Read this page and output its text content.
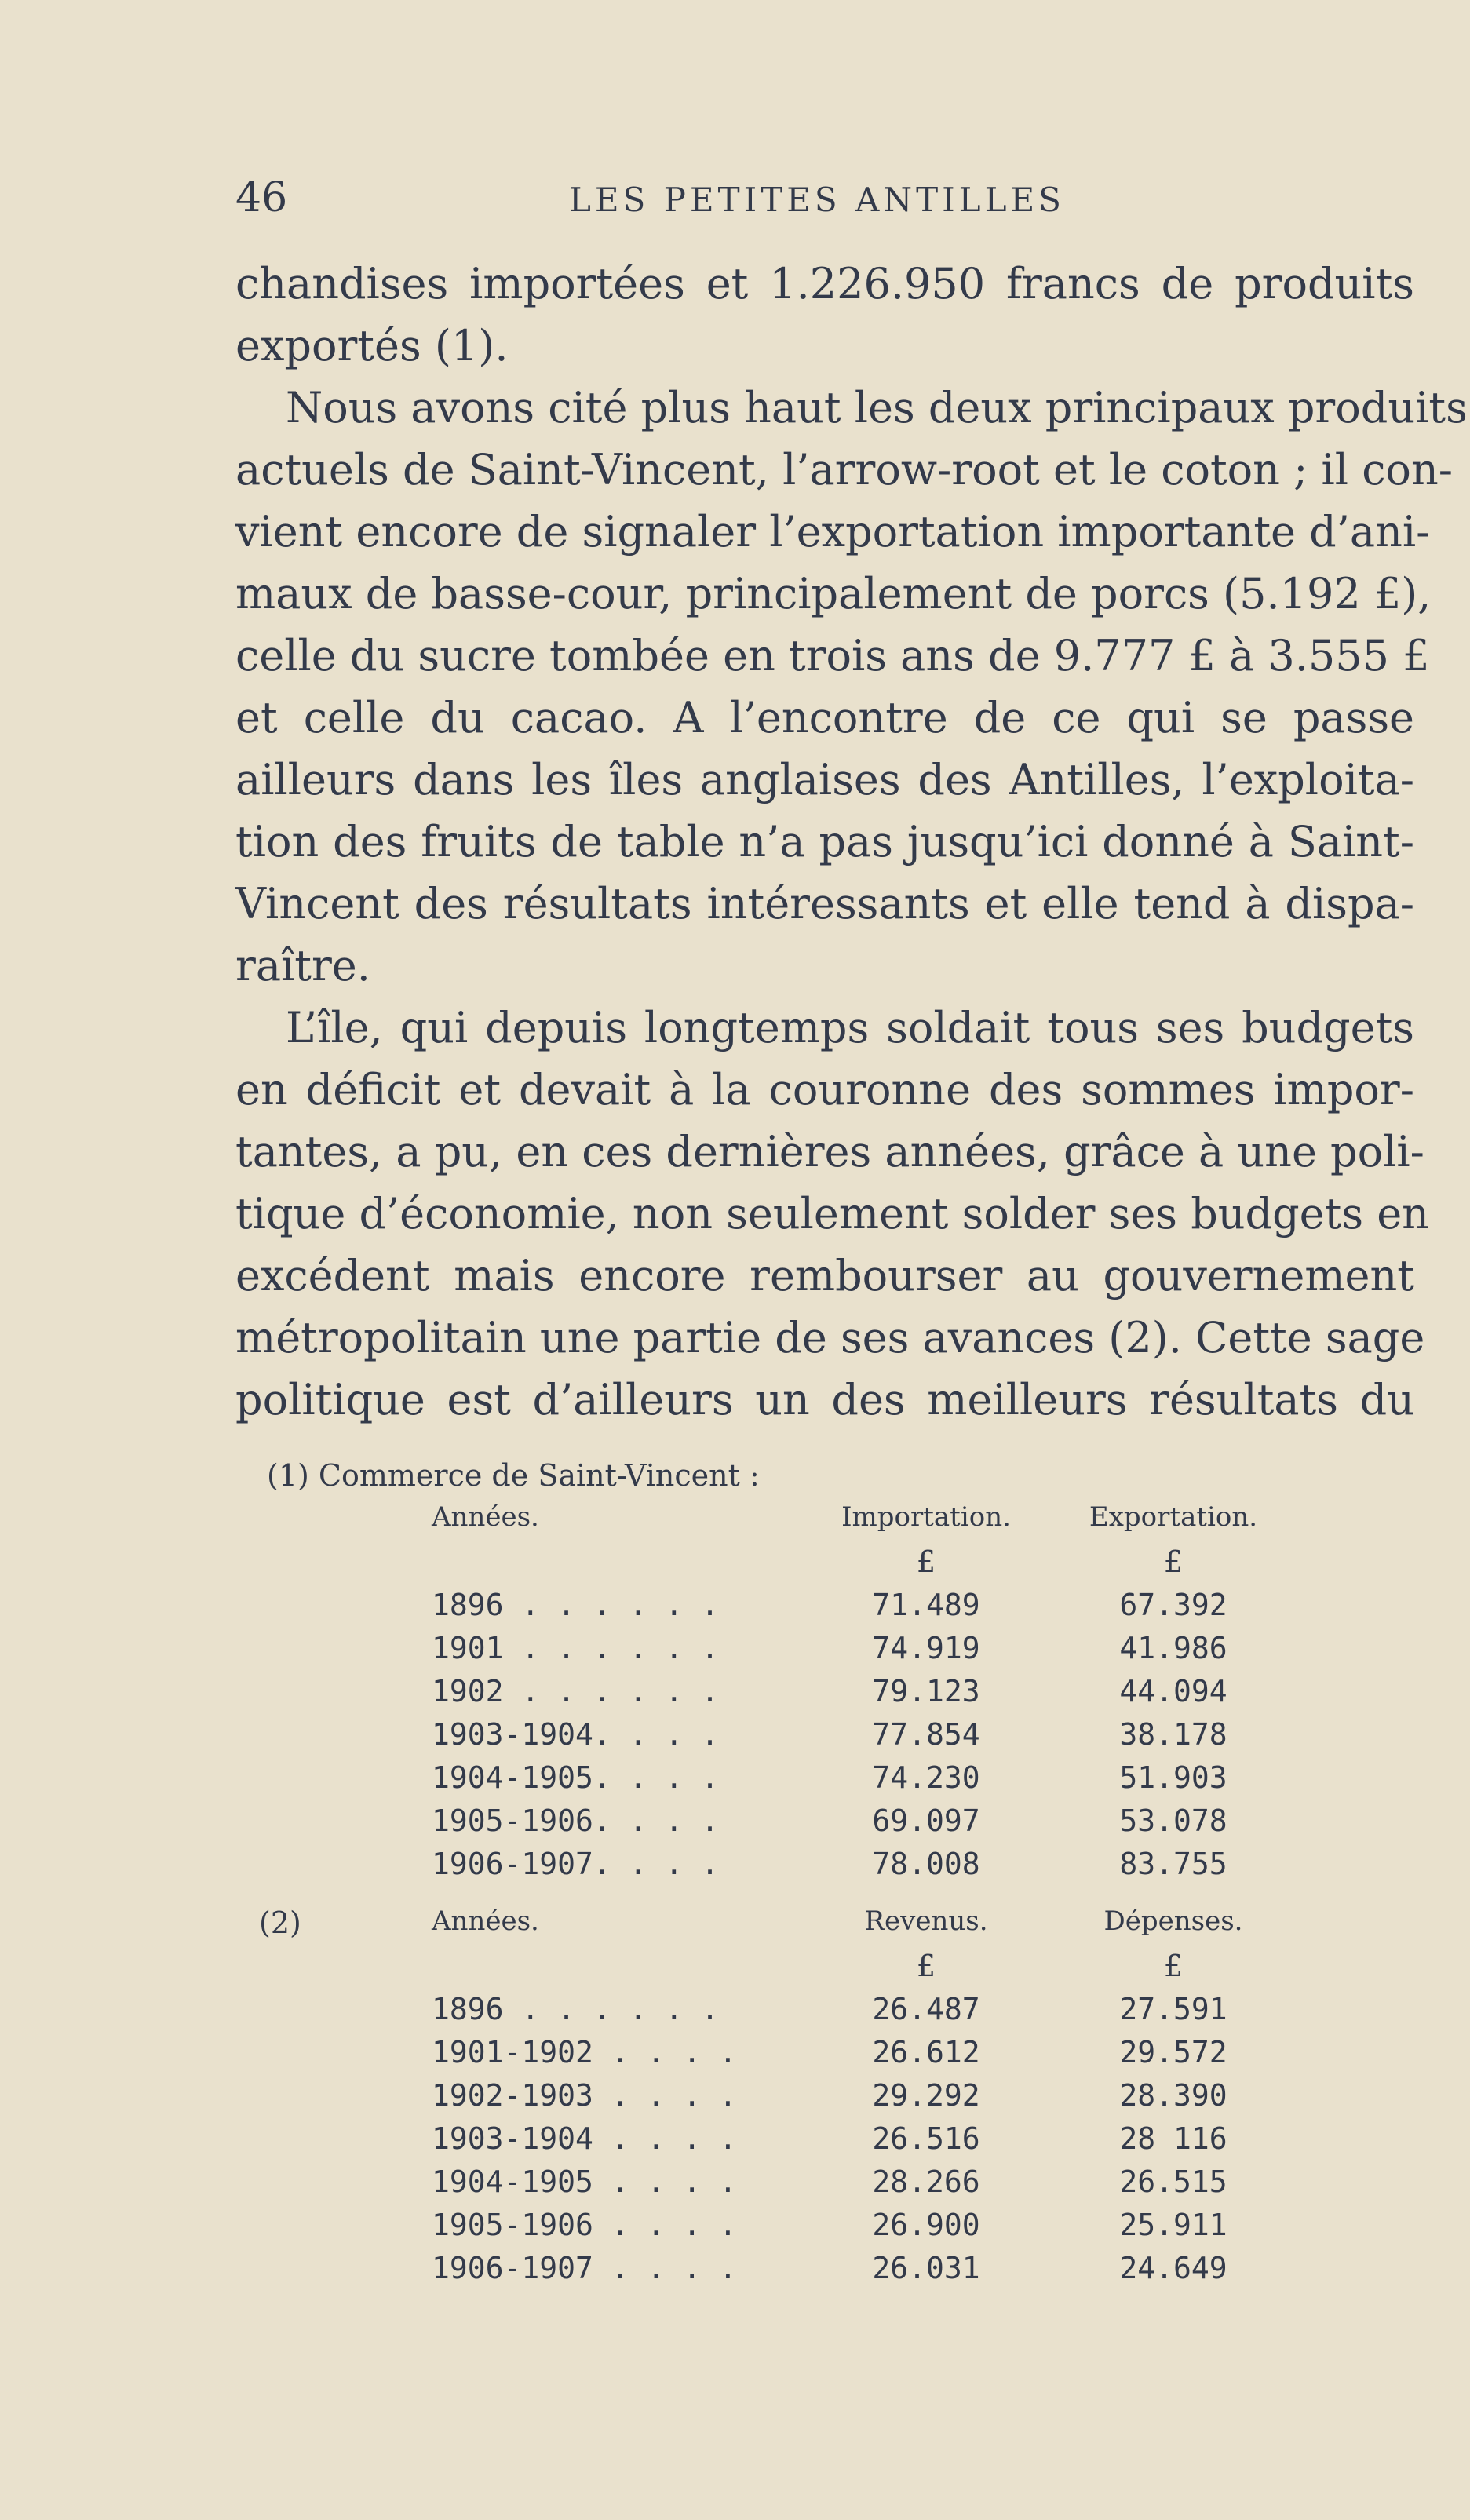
46	LES PETITES ANTILLES
chandises importées et 1.226.950 francs de produits
exportés (1).
Nous avons cité plus haut les deux principaux produits
actuels de Saint-Vincent, l’arrow-root et le coton ; il con-
vient encore de signaler l’exportation importante d’ani-
maux de basse-cour, principalement de porcs (5.192 £),
celle du sucre tombée en trois ans de 9.777 £ à 3.555 £
et celle du cacao. A l’encontre de ce qui se passe
ailleurs dans les îles anglaises des Antilles, l’exploita-
tion des fruits de table n’a pas jusqu’ici donné à Saint-
Vincent des résultats intéressants et elle tend à dispa-
raître.
L’île, qui depuis longtemps soldait tous ses budgets
en déficit et devait à la couronne des sommes impor-
tantes, a pu, en ces dernières années, grâce à une poli-
tique d’économie, non seulement solder ses budgets en
excédent mais encore rembourser au gouvernement
métropolitain une partie de ses avances (2). Cette sage
politique est d’ailleurs un des meilleurs résultats du
(1) Commerce de Saint-Vincent :
Années.	Importation.	Exportation.
£	£
1896 . . . . . .	71.489	67.392
1901 . . . . . .	74.919	41.986
1902 . . . . . .	79.123	44.094
1903-1904. . . .	77.854	38.178
1904-1905. . . .	74.230	51.903
1905-1906. . . .	69.097	53.078
1906-1907. . . .	78.008	83.755
(2)	Années.	Revenus.	Dépenses.
£	£
1896 . . . . . .	26.487	27.591
1901-1902 . . . .	26.612	29.572
1902-1903 . . . .	29.292	28.390
1903-1904 . . . .	26.516	28 116
1904-1905 . . . .	28.266	26.515
1905-1906 . . . .	26.900	25.911
1906-1907 . . . .	26.031	24.649
